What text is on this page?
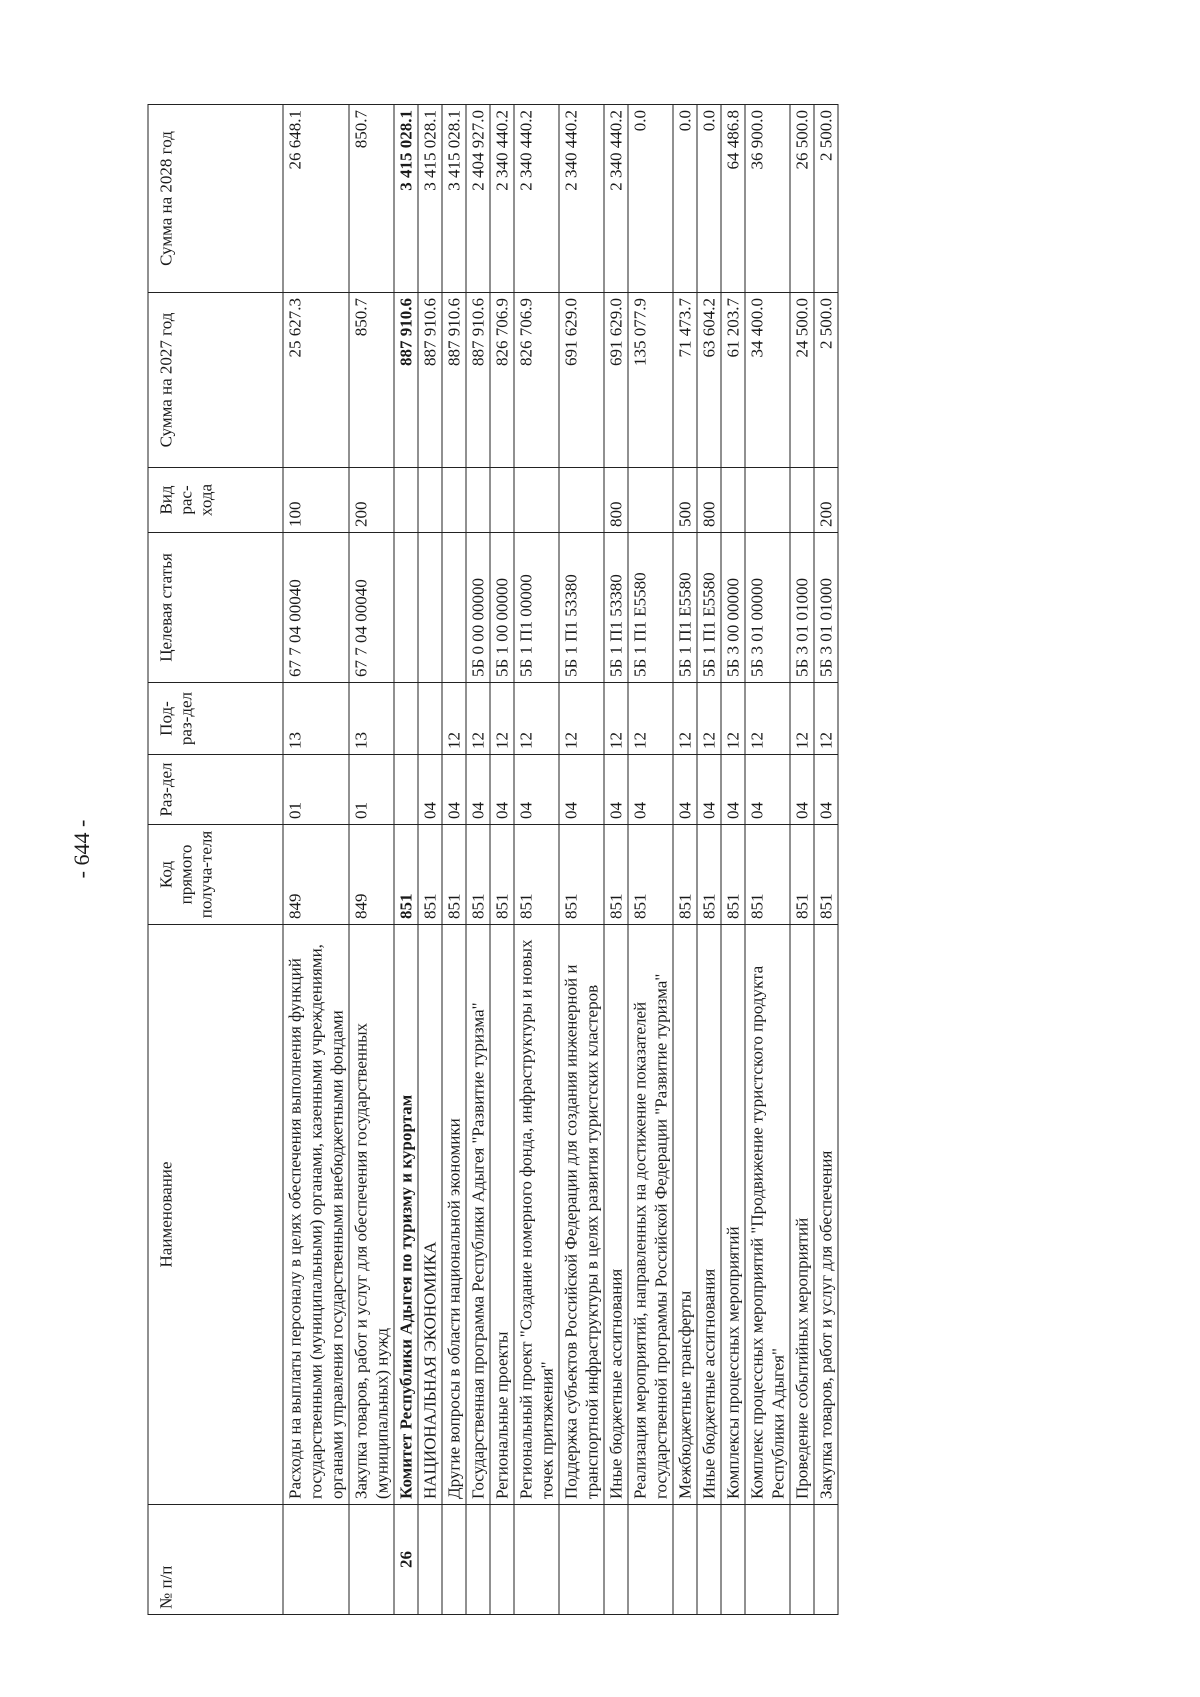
- 644 -
№ п/п	Наименование	Код прямого получа-теля	Раз-дел	Под-раз-дел	Целевая статья	Вид рас-хода	Сумма на 2027 год	Сумма на 2028 год
	Расходы на выплаты персоналу в целях обеспечения выполнения функций государственными (муниципальными) органами, казенными учреждениями, органами управления государственными внебюджетными фондами	849	01	13	67 7 04 00040	100	25 627.3	26 648.1
	Закупка товаров, работ и услуг для обеспечения государственных (муниципальных) нужд	849	01	13	67 7 04 00040	200	850.7	850.7
26	Комитет Республики Адыгея по туризму и курортам	851					887 910.6	3 415 028.1
	НАЦИОНАЛЬНАЯ ЭКОНОМИКА	851	04				887 910.6	3 415 028.1
	Другие вопросы в области национальной экономики	851	04	12			887 910.6	3 415 028.1
	Государственная программа Республики Адыгея "Развитие туризма"	851	04	12	5Б 0 00 00000		887 910.6	2 404 927.0
	Региональные проекты	851	04	12	5Б 1 00 00000		826 706.9	2 340 440.2
	Региональный проект "Создание номерного фонда, инфраструктуры и новых точек притяжения"	851	04	12	5Б 1 П1 00000		826 706.9	2 340 440.2
	Поддержка субъектов Российской Федерации для создания инженерной и транспортной инфраструктуры в целях развития туристских кластеров	851	04	12	5Б 1 П1 53380		691 629.0	2 340 440.2
	Иные бюджетные ассигнования	851	04	12	5Б 1 П1 53380	800	691 629.0	2 340 440.2
	Реализация мероприятий, направленных на достижение показателей государственной программы Российской Федерации "Развитие туризма"	851	04	12	5Б 1 П1 Е5580		135 077.9	0.0
	Межбюджетные трансферты	851	04	12	5Б 1 П1 Е5580	500	71 473.7	0.0
	Иные бюджетные ассигнования	851	04	12	5Б 1 П1 Е5580	800	63 604.2	0.0
	Комплексы процессных мероприятий	851	04	12	5Б 3 00 00000		61 203.7	64 486.8
	Комплекс процессных мероприятий "Продвижение туристского продукта Республики Адыгея"	851	04	12	5Б 3 01 00000		34 400.0	36 900.0
	Проведение событийных мероприятий	851	04	12	5Б 3 01 01000		24 500.0	26 500.0
	Закупка товаров, работ и услуг для обеспечения	851	04	12	5Б 3 01 01000	200	2 500.0	2 500.0
